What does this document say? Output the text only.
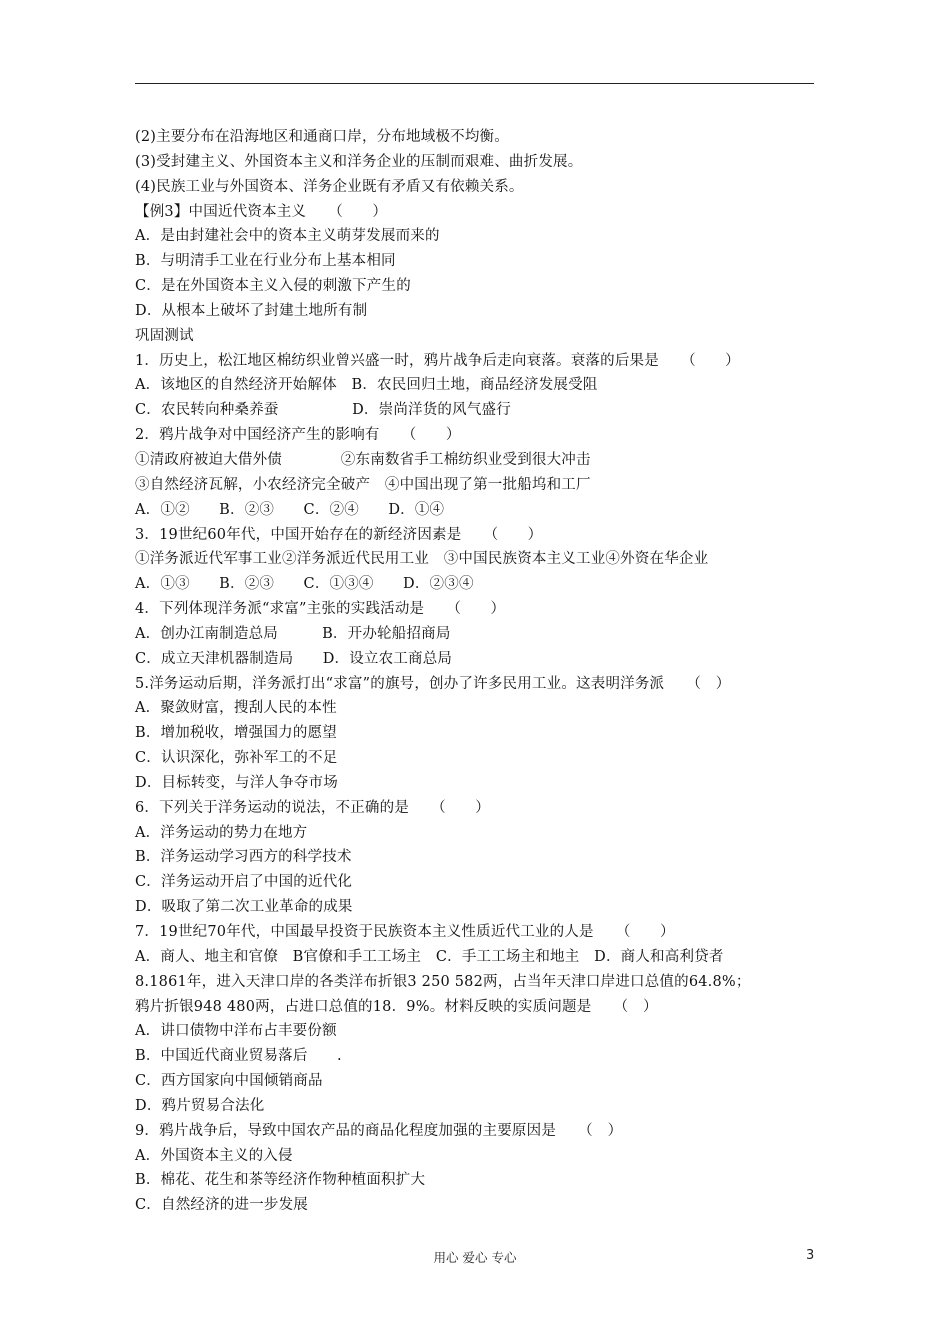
(2)主要分布在沿海地区和通商口岸，分布地域极不均衡。
(3)受封建主义、外国资本主义和洋务企业的压制而艰难、曲折发展。
(4)民族工业与外国资本、洋务企业既有矛盾又有依赖关系。
【例3】中国近代资本主义　　（　　）
A．是由封建社会中的资本主义萌芽发展而来的
B．与明清手工业在行业分布上基本相同
C．是在外国资本主义入侵的刺激下产生的
D．从根本上破坏了封建土地所有制
巩固测试
1．历史上，松江地区棉纺织业曾兴盛一时，鸦片战争后走向衰落。衰落的后果是　　（　　）
A．该地区的自然经济开始解体　B．农民回归土地，商品经济发展受阻
C．农民转向种桑养蚕　　　　　D．崇尚洋货的风气盛行
2．鸦片战争对中国经济产生的影响有　　（　　）
①清政府被迫大借外债　　　　②东南数省手工棉纺织业受到很大冲击
③自然经济瓦解，小农经济完全破产　④中国出现了第一批船坞和工厂
A．①②　　B．②③　　C．②④　　D．①④
3．19世纪60年代，中国开始存在的新经济因素是　　（　　）
①洋务派近代军事工业②洋务派近代民用工业　③中国民族资本主义工业④外资在华企业
A．①③　　B．②③　　C．①③④　　D．②③④
4．下列体现洋务派“求富”主张的实践活动是　　（　　）
A．创办江南制造总局　　　B．开办轮船招商局
C．成立天津机器制造局　　D．设立农工商总局
5.洋务运动后期，洋务派打出“求富”的旗号，创办了许多民用工业。这表明洋务派　　（　）
A．聚敛财富，搜刮人民的本性
B．增加税收，增强国力的愿望
C．认识深化，弥补军工的不足
D．目标转变，与洋人争夺市场
6．下列关于洋务运动的说法，不正确的是　　（　　）
A．洋务运动的势力在地方
B．洋务运动学习西方的科学技术
C．洋务运动开启了中国的近代化
D．吸取了第二次工业革命的成果
7．19世纪70年代，中国最早投资于民族资本主义性质近代工业的人是　　（　　）
A．商人、地主和官僚　B官僚和手工工场主　C．手工工场主和地主　D．商人和高利贷者
8.1861年，进入天津口岸的各类洋布折银3 250 582两，占当年天津口岸进口总值的64.8%；
鸦片折银948 480两，占进口总值的18．9%。材料反映的实质问题是　　（　）
A．讲口债物中洋布占丰要份额
B．中国近代商业贸易落后　　.
C．西方国家向中国倾销商品
D．鸦片贸易合法化
9．鸦片战争后，导致中国农产品的商品化程度加强的主要原因是　　（　）
A．外国资本主义的入侵
B．棉花、花生和茶等经济作物种植面积扩大
C．自然经济的进一步发展
用心 爱心 专心	3
